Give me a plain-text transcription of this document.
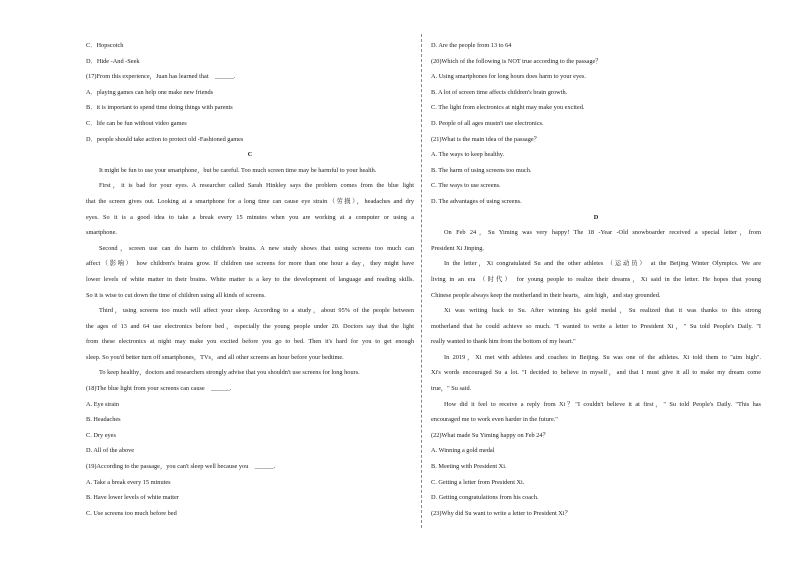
C．Hopscotch
D．Hide -And -Seek
(17)From this experience，Juan has learned that　______.
A．playing games can help one make new friends
B．it is important to spend time doing things with parents
C．life can be fun without video games
D．people should take action to protect old -Fashioned games
C
It might be fun to use your smartphone，but be careful. Too much screen time may be harmful to your health.
First，it is bad for your eyes. A researcher called Sarah Hinkley says the problem comes from the blue light
that the screen gives out. Looking at a smartphone for a long time can cause eye strain（劳损），headaches and dry
eyes. So it is a good idea to take a break every 15 minutes when you are working at a computer or using a
smartphone.
Second，screen use can do harm to children's brains. A new study shows that using screens too much can
affect（影响） how children's brains grow. If children use screens for more than one hour a day，they might have
lower levels of white matter in their brains. White matter is a key to the development of language and reading skills.
So it is wise to cut down the time of children using all kinds of screens.
Third，using screens too much will affect your sleep. According to a study，about 95% of the people between
the ages of 13 and 64 use electronics before bed，especially the young people under 20. Doctors say that the light
from these electronics at night may make you excited before you go to bed. Then it's hard for you to get enough
sleep. So you'd better turn off smartphones，TVs，and all other screens an hour before your bedtime.
To keep healthy，doctors and researchers strongly advise that you shouldn't use screens for long hours.
(18)The blue light from your screens can cause　______.
A. Eye strain
B. Headaches
C. Dry eyes
D. All of the above
(19)According to the passage，you can't sleep well because you　______.
A. Take a break every 15 minutes
B. Have lower levels of white matter
C. Use screens too much before bed
D. Are the people from 13 to 64
(20)Which of the following is NOT true according to the passage？
A. Using smartphones for long hours does harm to your eyes.
B. A lot of screen time affects children's brain growth.
C. The light from electronics at night may make you excited.
D. People of all ages mustn't use electronics.
(21)What is the main idea of the passage？
A. The ways to keep healthy.
B. The harm of using screens too much.
C. The ways to use screens.
D. The advantages of using screens.
D
On Feb 24，Su Yiming was very happy! The 18 -Year -Old snowboarder received a special letter，from
President Xi Jinping.
In the letter，Xi congratulated Su and the other athletes （运动员） at the Beijing Winter Olympics. We are
living in an era （时代） for young people to realize their dreams，Xi said in the letter. He hopes that young
Chinese people always keep the motherland in their hearts，aim high，and stay grounded.
Xi was writing back to Su. After winning his gold medal，Su realized that it was thanks to this strong
motherland that he could achieve so much. "I wanted to write a letter to President Xi，" Su told People's Daily. "I
really wanted to thank him from the bottom of my heart."
In 2019，Xi met with athletes and coaches in Beijing. Su was one of the athletes. Xi told them to "aim high".
Xi's words encouraged Su a lot. "I decided to believe in myself，and that I must give it all to make my dream come
true，" Su said.
How did it feel to receive a reply from Xi？"I couldn't believe it at first，" Su told People's Daily. "This has
encouraged me to work even harder in the future."
(22)What made Su Yiming happy on Feb 24？
A. Winning a gold medal
B. Meeting with President Xi.
C. Getting a letter from President Xi.
D. Getting congratulations from his coach.
(23)Why did Su want to write a letter to President Xi？
